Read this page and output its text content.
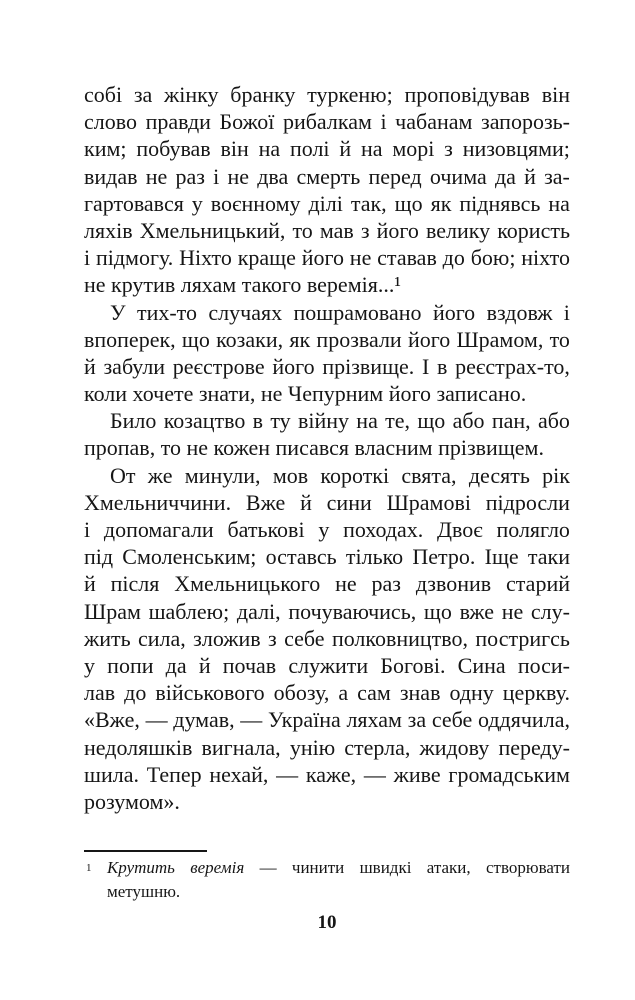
собі за жінку бранку туркеню; проповідував він
слово правди Божої рибалкам і чабанам запорозь-
ким; побував він на полі й на морі з низовцями;
видав не раз і не два смерть перед очима да й за-
гартовався у воєнному ділі так, що як піднявсь на
ляхів Хмельницький, то мав з його велику користь
і підмогу. Ніхто краще його не ставав до бою; ніхто
не крутив ляхам такого веремія...¹
У тих-то случаях пошрамовано його вздовж і
впоперек, що козаки, як прозвали його Шрамом, то
й забули реєстрове його прізвище. І в реєстрах-то,
коли хочете знати, не Чепурним його записано.
Било козацтво в ту війну на те, що або пан, або
пропав, то не кожен писався власним прізвищем.
От же минули, мов короткі свята, десять рік
Хмельниччини. Вже й сини Шрамові підросли
і допомагали батькові у походах. Двоє полягло
під Смоленським; оставсь тілько Петро. Іще таки
й після Хмельницького не раз дзвонив старий
Шрам шаблею; далі, почуваючись, що вже не слу-
жить сила, зложив з себе полковництво, постригсь
у попи да й почав служити Богові. Сина поси-
лав до військового обозу, а сам знав одну церкву.
«Вже, — думав, — Україна ляхам за себе оддячила,
недоляшків вигнала, унію стерла, жидову переду-
шила. Тепер нехай, — каже, — живе громадським
розумом».
1 Крутить веремія — чинити швидкі атаки, створювати метушню.
10
